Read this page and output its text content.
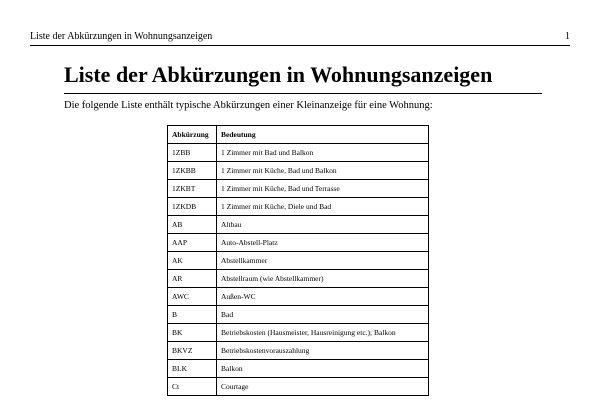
Liste der Abkürzungen in Wohnungsanzeigen	1
Liste der Abkürzungen in Wohnungsanzeigen

Die folgende Liste enthält typische Abkürzungen einer Kleinanzeige für eine Wohnung:

Abkürzung	Bedeutung
1ZBB	1 Zimmer mit Bad und Balkon
1ZKBB	1 Zimmer mit Küche, Bad und Balkon
1ZKBT	1 Zimmer mit Küche, Bad und Terrasse
1ZKDB	1 Zimmer mit Küche, Diele und Bad
AB	Altbau
AAP	Auto-Abstell-Platz
AK	Abstellkammer
AR	Abstellraum (wie Abstellkammer)
AWC	Außen-WC
B	Bad
BK	Betriebskosten (Hausmeister, Hausreinigung etc.); Balkon
BKVZ	Betriebskostenvorauszahlung
BLK	Balkon
Ct	Courtage
